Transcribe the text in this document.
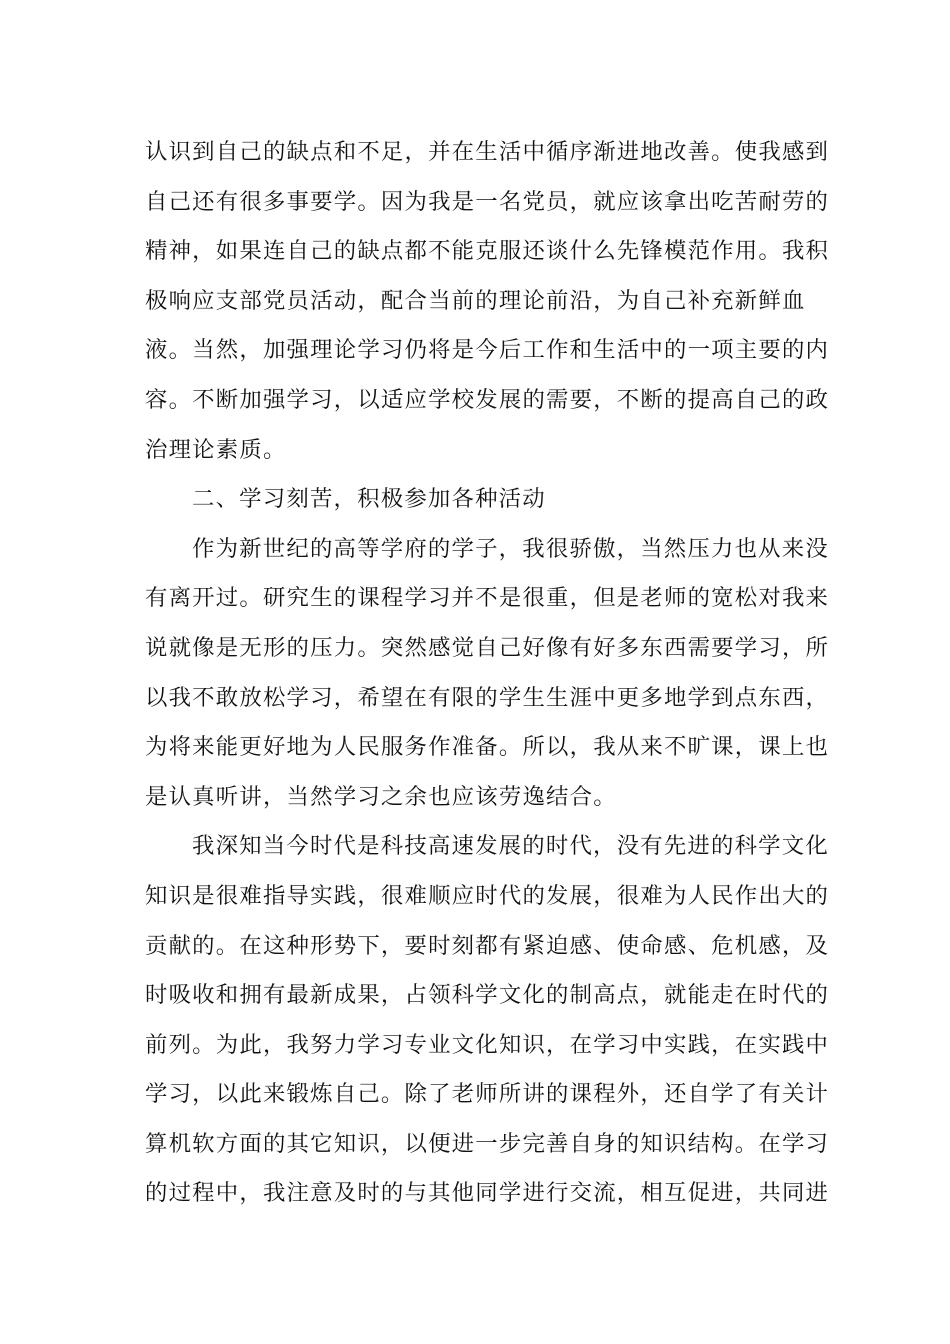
认识到自己的缺点和不足，并在生活中循序渐进地改善。使我感到
自己还有很多事要学。因为我是一名党员，就应该拿出吃苦耐劳的
精神，如果连自己的缺点都不能克服还谈什么先锋模范作用。我积
极响应支部党员活动，配合当前的理论前沿，为自己补充新鲜血
液。当然，加强理论学习仍将是今后工作和生活中的一项主要的内
容。不断加强学习，以适应学校发展的需要，不断的提高自己的政
治理论素质。
二、学习刻苦，积极参加各种活动
作为新世纪的高等学府的学子，我很骄傲，当然压力也从来没
有离开过。研究生的课程学习并不是很重，但是老师的宽松对我来
说就像是无形的压力。突然感觉自己好像有好多东西需要学习，所
以我不敢放松学习，希望在有限的学生生涯中更多地学到点东西，
为将来能更好地为人民服务作准备。所以，我从来不旷课，课上也
是认真听讲，当然学习之余也应该劳逸结合。
我深知当今时代是科技高速发展的时代，没有先进的科学文化
知识是很难指导实践，很难顺应时代的发展，很难为人民作出大的
贡献的。在这种形势下，要时刻都有紧迫感、使命感、危机感，及
时吸收和拥有最新成果，占领科学文化的制高点，就能走在时代的
前列。为此，我努力学习专业文化知识，在学习中实践，在实践中
学习，以此来锻炼自己。除了老师所讲的课程外，还自学了有关计
算机软方面的其它知识，以便进一步完善自身的知识结构。在学习
的过程中，我注意及时的与其他同学进行交流，相互促进，共同进
